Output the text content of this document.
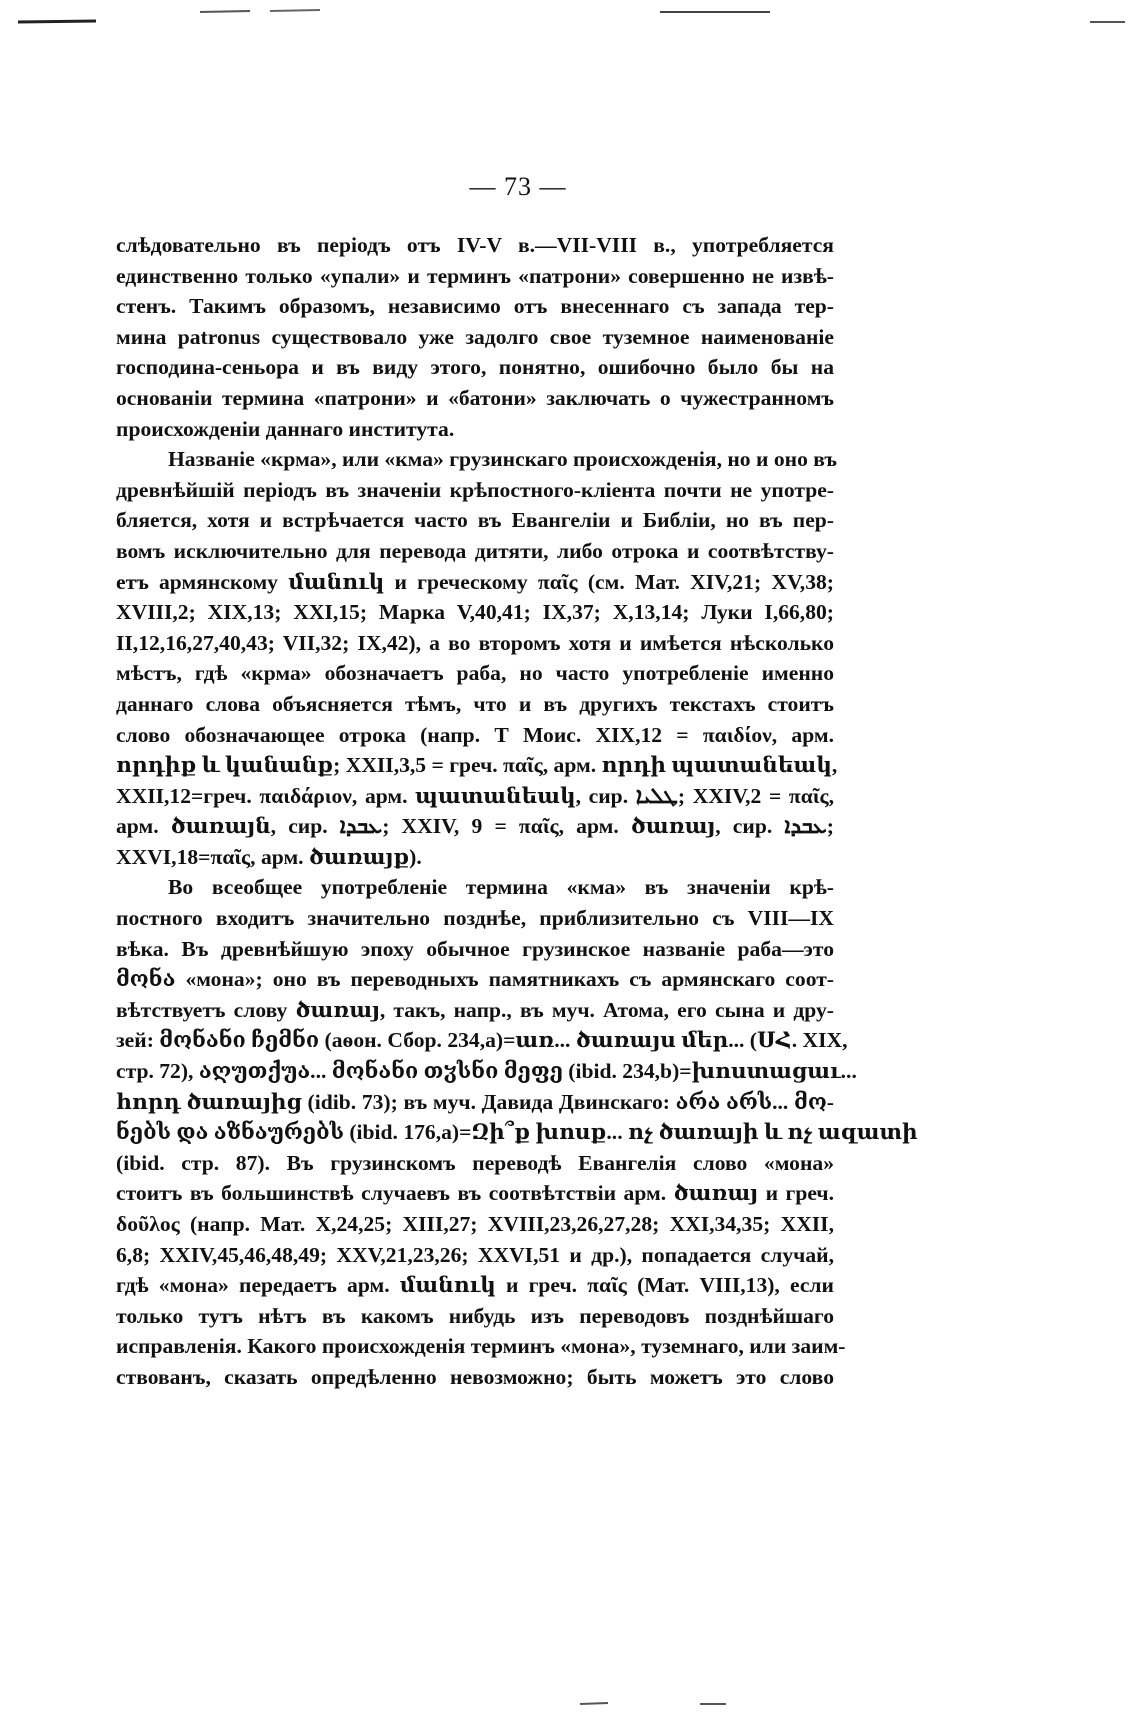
— 73 —
слѣдовательно въ періодъ отъ IV-V в.—VII-VIII в., употребляется
единственно только «упали» и терминъ «патрони» совершенно не извѣ-
стенъ. Такимъ образомъ, независимо отъ внесеннаго съ запада тер-
мина patronus существовало уже задолго свое туземное наименованіе
господина-сеньора и въ виду этого, понятно, ошибочно было бы на
основаніи термина «патрони» и «батони» заключать о чужестранномъ
происхожденіи даннаго института.
Названіе «крма», или «кма» грузинскаго происхожденія, но и оно въ
древнѣйшій періодъ въ значеніи крѣпостного-кліента почти не употре-
бляется, хотя и встрѣчается часто въ Евангеліи и Библіи, но въ пер-
вомъ исключительно для перевода дитяти, либо отрока и соотвѣтству-
етъ армянскому մանուկ и греческому παῖς (см. Мат. XIV,21; XV,38;
XVIII,2; XIX,13; XXI,15; Марка V,40,41; IX,37; X,13,14; Луки I,66,80;
II,12,16,27,40,43; VII,32; IX,42), а во второмъ хотя и имѣется нѣсколько
мѣстъ, гдѣ «крма» обозначаетъ раба, но часто употребленіе именно
даннаго слова объясняется тѣмъ, что и въ другихъ текстахъ стоитъ
слово обозначающее отрока (напр. Т Моис. XIX,12 = παιδίον, арм.
որդիք և կանանք; XXII,3,5 = греч. παῖς, арм. որդի պատանեակ,
XXII,12=греч. παιδάριον, арм. պատանեակ, сир. ܛܠܝܐ; XXIV,2 = παῖς,
арм. ծառայն, сир. ܥܒܕܐ; XXIV, 9 = παῖς, арм. ծառայ, сир. ܥܒܕܐ;
XXVI,18=παῖς, арм. ծառայք).
Во всеобщее употребленіе термина «кма» въ значеніи крѣ-
постного входитъ значительно позднѣе, приблизительно съ VIII—IX
вѣка. Въ древнѣйшую эпоху обычное грузинское названіе раба—это
მონა «мона»; оно въ переводныхъ памятникахъ съ армянскаго соот-
вѣтствуетъ слову ծառայ, такъ, напр., въ муч. Атома, его сына и дру-
зей: მონანი ჩემნი (аѳон. Сбор. 234,a)=առ... ծառայս մեր... (ՍՀ. XIX,
стр. 72), აღუთქუა... მონანი თჳსნი მეფე (ibid. 234,b)=խոստացաւ...
հորդ ծառայից (idib. 73); въ муч. Давида Двинскаго: არა არს... მო-
ნებს და აზნაურებს (ibid. 176,a)=Զի՞ք խոսք... ոչ ծառայի և ոչ ազատի
(ibid. стр. 87). Въ грузинскомъ переводѣ Евангелія слово «мона»
стоитъ въ большинствѣ случаевъ въ соотвѣтствіи арм. ծառայ и греч.
δοῦλος (напр. Мат. X,24,25; XIII,27; XVIII,23,26,27,28; XXI,34,35; XXII,
6,8; XXIV,45,46,48,49; XXV,21,23,26; XXVI,51 и др.), попадается случай,
гдѣ «мона» передаетъ арм. մանուկ и греч. παῖς (Мат. VIII,13), если
только тутъ нѣтъ въ какомъ нибудь изъ переводовъ позднѣйшаго
исправленія. Какого происхожденія терминъ «мона», туземнаго, или заим-
ствованъ, сказать опредѣленно невозможно; быть можетъ это слово
